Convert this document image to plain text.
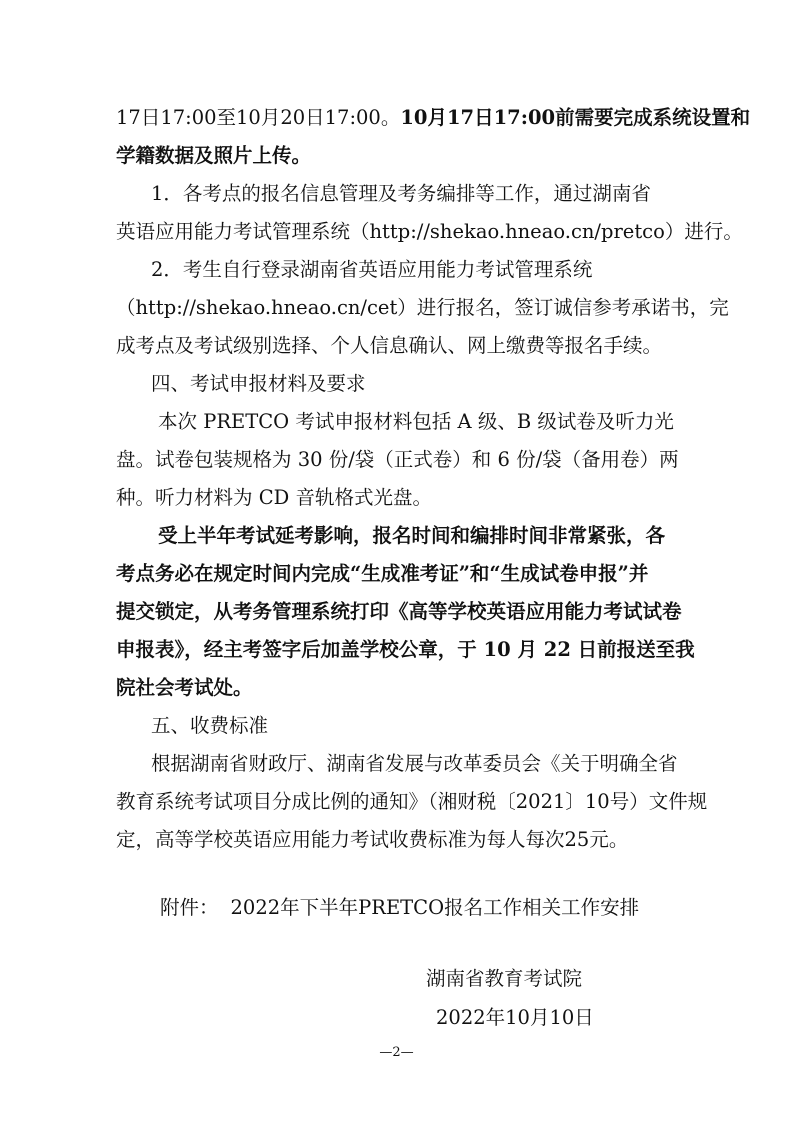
17日17:00至10月20日17:00。10月17日17:00前需要完成系统设置和
学籍数据及照片上传。
1．各考点的报名信息管理及考务编排等工作，通过湖南省
英语应用能力考试管理系统（http://shekao.hneao.cn/pretco）进行。
2．考生自行登录湖南省英语应用能力考试管理系统
（http://shekao.hneao.cn/cet）进行报名，签订诚信参考承诺书，完
成考点及考试级别选择、个人信息确认、网上缴费等报名手续。
四、考试申报材料及要求
本次 PRETCO 考试申报材料包括 A 级、B 级试卷及听力光
盘。试卷包装规格为 30 份/袋（正式卷）和 6 份/袋（备用卷）两
种。听力材料为 CD 音轨格式光盘。
受上半年考试延考影响，报名时间和编排时间非常紧张，各
考点务必在规定时间内完成“生成准考证”和“生成试卷申报”并
提交锁定，从考务管理系统打印《高等学校英语应用能力考试试卷
申报表》，经主考签字后加盖学校公章，于 10 月 22 日前报送至我
院社会考试处。
五、收费标准
根据湖南省财政厅、湖南省发展与改革委员会《关于明确全省
教育系统考试项目分成比例的通知》（湘财税〔2021〕10号）文件规
定，高等学校英语应用能力考试收费标准为每人每次25元。
附件： 2022年下半年PRETCO报名工作相关工作安排
湖南省教育考试院
2022年10月10日
—2—
